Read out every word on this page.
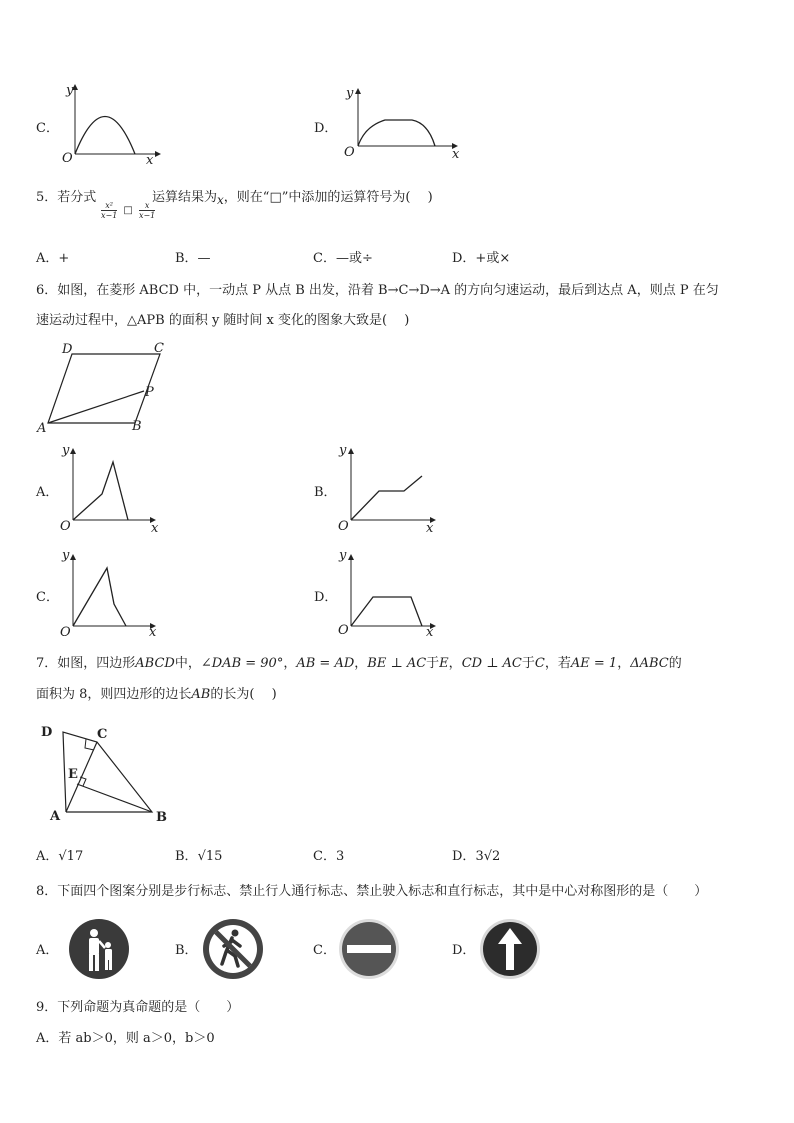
C．
y
x
O
D．
y
x
O
5．若分式
$\frac{\text{x²}}{x-1}$ □ $\frac{x}{x-1}$
运算结果为x，则在“□”中添加的运算符号为(　 )
A．+	B．—	C．—或÷	D．+或×
6．如图，在菱形 ABCD 中，一动点 P 从点 B 出发，沿着 B→C→D→A 的方向匀速运动，最后到达点 A，则点 P 在匀
速运动过程中，△APB 的面积 y 随时间 x 变化的图象大致是(　 )
D	C
P
A	B
A．
y
x
O
B．
y
x
O
C．
y
x
O
D．
y
x
O
7．如图，四边形ABCD中，∠DAB = 90°，AB = AD，BE ⊥ AC于E，CD ⊥ AC于C，若AE = 1，ΔABC的
面积为 8，则四边形的边长AB的长为(　 )
D	C
E
A	B
A．√17	B．√15	C．3	D．3√2
8．下面四个图案分别是步行标志、禁止行人通行标志、禁止驶入标志和直行标志，其中是中心对称图形的是（　　）
A．	B．	C．	D．
9．下列命题为真命题的是（　　）
A．若 ab＞0，则 a＞0，b＞0
